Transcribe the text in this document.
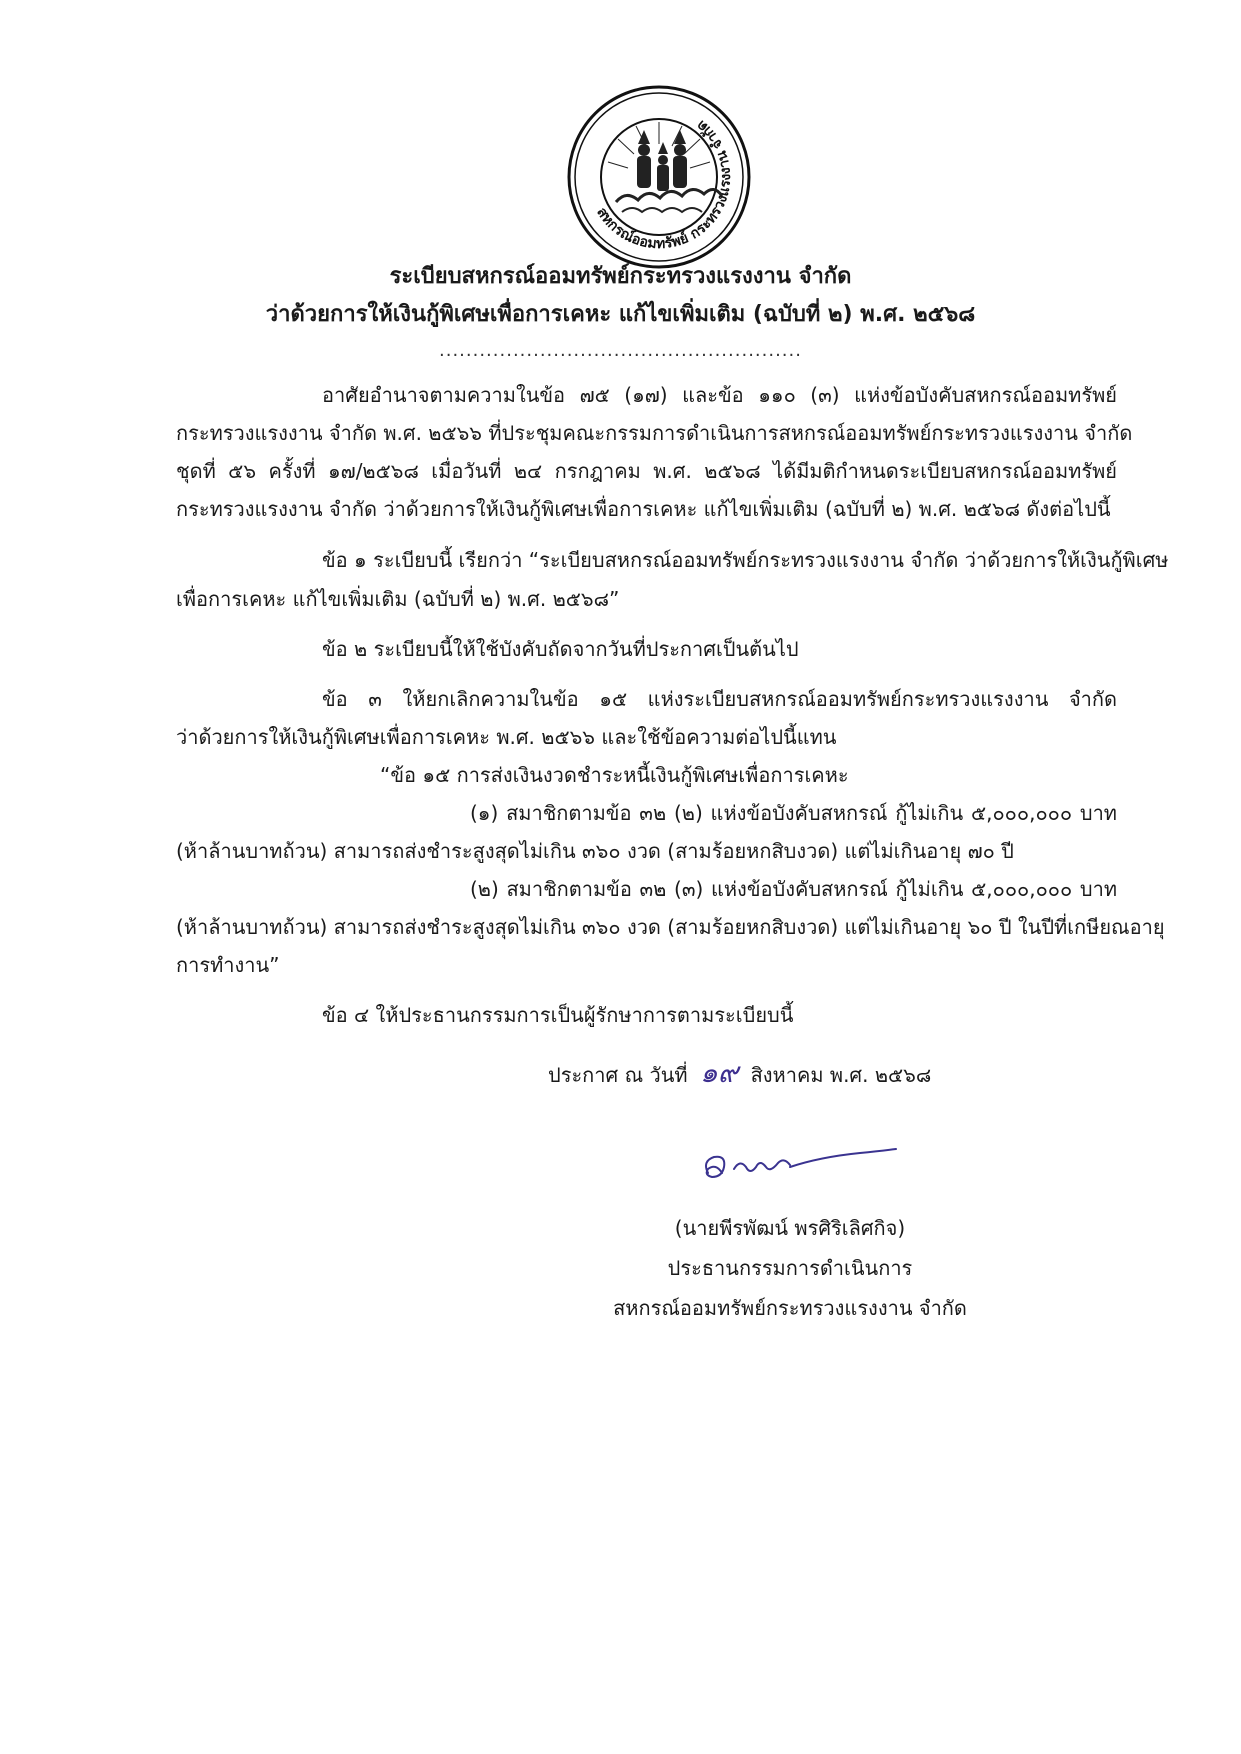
สหกรณ์ออมทรัพย์ กระทรวงแรงงาน จำกัด
ระเบียบสหกรณ์ออมทรัพย์กระทรวงแรงงาน จำกัด
ว่าด้วยการให้เงินกู้พิเศษเพื่อการเคหะ แก้ไขเพิ่มเติม (ฉบับที่ ๒) พ.ศ. ๒๕๖๘
......................................................
อาศัยอำนาจตามความในข้อ ๗๕ (๑๗) และข้อ ๑๑๐ (๓) แห่งข้อบังคับสหกรณ์ออมทรัพย์
กระทรวงแรงงาน จำกัด พ.ศ. ๒๕๖๖ ที่ประชุมคณะกรรมการดำเนินการสหกรณ์ออมทรัพย์กระทรวงแรงงาน จำกัด
ชุดที่ ๕๖ ครั้งที่ ๑๗/๒๕๖๘ เมื่อวันที่ ๒๔ กรกฎาคม พ.ศ. ๒๕๖๘ ได้มีมติกำหนดระเบียบสหกรณ์ออมทรัพย์
กระทรวงแรงงาน จำกัด ว่าด้วยการให้เงินกู้พิเศษเพื่อการเคหะ แก้ไขเพิ่มเติม (ฉบับที่ ๒) พ.ศ. ๒๕๖๘ ดังต่อไปนี้
ข้อ ๑ ระเบียบนี้ เรียกว่า “ระเบียบสหกรณ์ออมทรัพย์กระทรวงแรงงาน จำกัด ว่าด้วยการให้เงินกู้พิเศษ
เพื่อการเคหะ แก้ไขเพิ่มเติม (ฉบับที่ ๒) พ.ศ. ๒๕๖๘”
ข้อ ๒ ระเบียบนี้ให้ใช้บังคับถัดจากวันที่ประกาศเป็นต้นไป
ข้อ ๓ ให้ยกเลิกความในข้อ ๑๕ แห่งระเบียบสหกรณ์ออมทรัพย์กระทรวงแรงงาน จำกัด
ว่าด้วยการให้เงินกู้พิเศษเพื่อการเคหะ พ.ศ. ๒๕๖๖ และใช้ข้อความต่อไปนี้แทน
“ข้อ ๑๕ การส่งเงินงวดชำระหนี้เงินกู้พิเศษเพื่อการเคหะ
(๑) สมาชิกตามข้อ ๓๒ (๒) แห่งข้อบังคับสหกรณ์ กู้ไม่เกิน ๕,๐๐๐,๐๐๐ บาท
(ห้าล้านบาทถ้วน) สามารถส่งชำระสูงสุดไม่เกิน ๓๖๐ งวด (สามร้อยหกสิบงวด) แต่ไม่เกินอายุ ๗๐ ปี
(๒) สมาชิกตามข้อ ๓๒ (๓) แห่งข้อบังคับสหกรณ์ กู้ไม่เกิน ๕,๐๐๐,๐๐๐ บาท
(ห้าล้านบาทถ้วน) สามารถส่งชำระสูงสุดไม่เกิน ๓๖๐ งวด (สามร้อยหกสิบงวด) แต่ไม่เกินอายุ ๖๐ ปี ในปีที่เกษียณอายุ
การทำงาน”
ข้อ ๔ ให้ประธานกรรมการเป็นผู้รักษาการตามระเบียบนี้
ประกาศ ณ วันที่ ๑๙ สิงหาคม พ.ศ. ๒๕๖๘
(นายพีรพัฒน์ พรศิริเลิศกิจ)
ประธานกรรมการดำเนินการ
สหกรณ์ออมทรัพย์กระทรวงแรงงาน จำกัด
